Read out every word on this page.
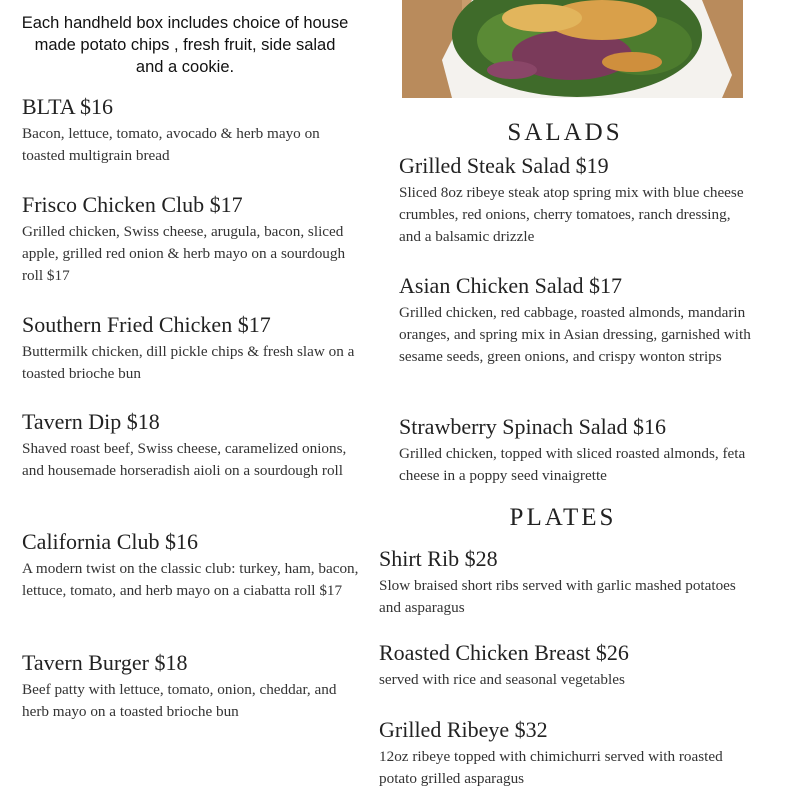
Each handheld box includes choice of house made potato chips , fresh fruit, side salad and a cookie.
BLTA $16
Bacon, lettuce, tomato, avocado & herb mayo on toasted multigrain bread
Frisco Chicken Club $17
Grilled chicken, Swiss cheese, arugula, bacon, sliced apple, grilled red onion & herb mayo on a sourdough roll $17
Southern Fried Chicken $17
Buttermilk chicken, dill pickle chips & fresh slaw on a toasted brioche bun
Tavern Dip $18
Shaved roast beef, Swiss cheese, caramelized onions, and housemade horseradish aioli on a sourdough roll
California Club $16
A modern twist on the classic club: turkey, ham, bacon, lettuce, tomato, and herb mayo on a ciabatta roll $17
Tavern Burger $18
Beef patty with lettuce, tomato, onion, cheddar, and herb mayo on a toasted brioche bun
SALADS
Grilled Steak Salad $19
Sliced 8oz ribeye steak atop spring mix with blue cheese crumbles, red onions, cherry tomatoes, ranch dressing, and a balsamic drizzle
Asian Chicken Salad $17
Grilled chicken, red cabbage, roasted almonds, mandarin oranges, and spring mix in Asian dressing, garnished with sesame seeds, green onions, and crispy wonton strips
Strawberry Spinach Salad $16
Grilled chicken, topped with sliced roasted almonds, feta cheese in a poppy seed vinaigrette
PLATES
Shirt Rib $28
Slow braised short ribs served with garlic mashed potatoes and asparagus
Roasted Chicken Breast $26
served with rice and seasonal vegetables
Grilled Ribeye $32
12oz ribeye topped with chimichurri served with roasted potato grilled asparagus
